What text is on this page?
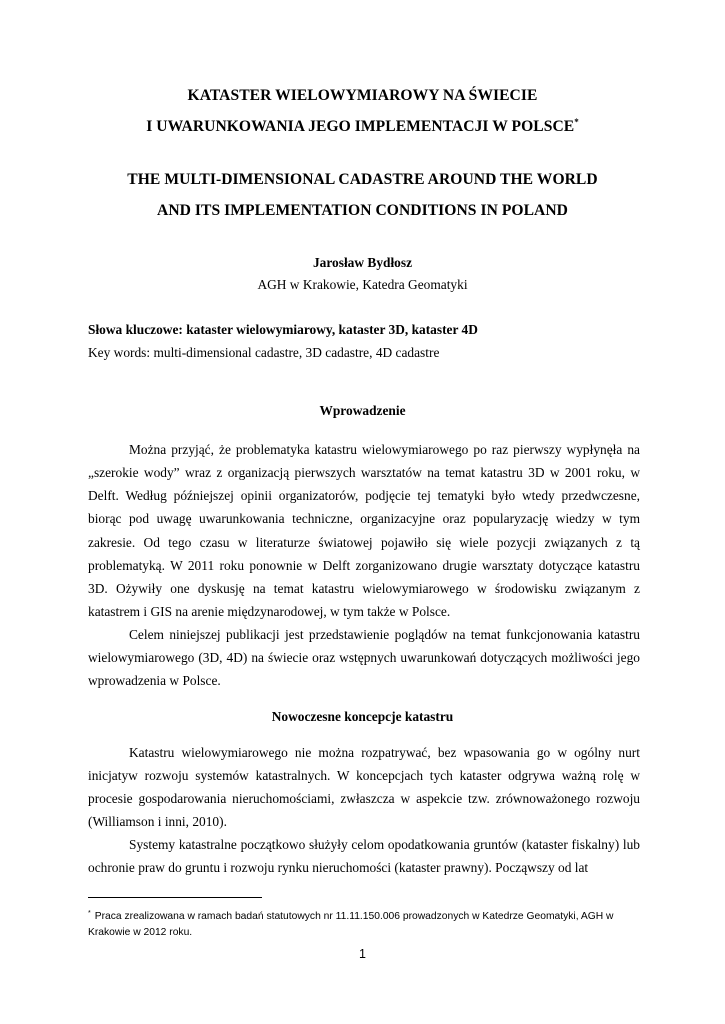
KATASTER WIELOWYMIAROWY NA ŚWIECIE
I UWARUNKOWANIA JEGO IMPLEMENTACJI W POLSCE*
THE MULTI-DIMENSIONAL CADASTRE AROUND THE WORLD
AND ITS IMPLEMENTATION CONDITIONS IN POLAND
Jarosław Bydłosz
AGH w Krakowie, Katedra Geomatyki
Słowa kluczowe: kataster wielowymiarowy, kataster 3D, kataster 4D
Key words: multi-dimensional cadastre, 3D cadastre, 4D cadastre
Wprowadzenie

Można przyjąć, że problematyka katastru wielowymiarowego po raz pierwszy wypłynęła na „szerokie wody” wraz z organizacją pierwszych warsztatów na temat katastru 3D w 2001 roku, w Delft. Według późniejszej opinii organizatorów, podjęcie tej tematyki było wtedy przedwczesne, biorąc pod uwagę uwarunkowania techniczne, organizacyjne oraz popularyzację wiedzy w tym zakresie. Od tego czasu w literaturze światowej pojawiło się wiele pozycji związanych z tą problematyką. W 2011 roku ponownie w Delft zorganizowano drugie warsztaty dotyczące katastru 3D. Ożywiły one dyskusję na temat katastru wielowymiarowego w środowisku związanym z katastrem i GIS na arenie międzynarodowej, w tym także w Polsce.

Celem niniejszej publikacji jest przedstawienie poglądów na temat funkcjonowania katastru wielowymiarowego (3D, 4D) na świecie oraz wstępnych uwarunkowań dotyczących możliwości jego wprowadzenia w Polsce.

Nowoczesne koncepcje katastru

Katastru wielowymiarowego nie można rozpatrywać, bez wpasowania go w ogólny nurt inicjatyw rozwoju systemów katastralnych. W koncepcjach tych kataster odgrywa ważną rolę w procesie gospodarowania nieruchomościami, zwłaszcza w aspekcie tzw. zrównoważonego rozwoju (Williamson i inni, 2010).

Systemy katastralne początkowo służyły celom opodatkowania gruntów (kataster fiskalny) lub ochronie praw do gruntu i rozwoju rynku nieruchomości (kataster prawny). Począwszy od lat

* Praca zrealizowana w ramach badań statutowych nr 11.11.150.006 prowadzonych w Katedrze Geomatyki, AGH w Krakowie w 2012 roku.

1
